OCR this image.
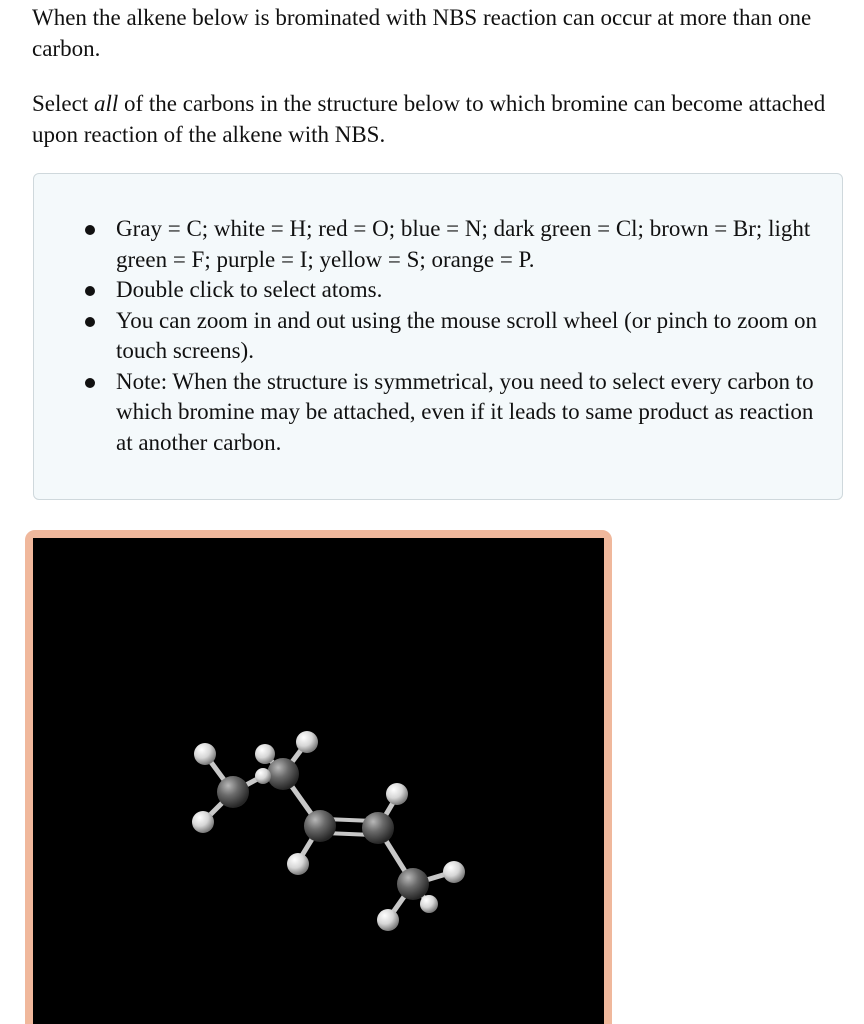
When the alkene below is brominated with NBS reaction can occur at more than one carbon.

Select all of the carbons in the structure below to which bromine can become attached upon reaction of the alkene with NBS.

Gray = C; white = H; red = O; blue = N; dark green = Cl; brown = Br; light green = F; purple = I; yellow = S; orange = P.
Double click to select atoms.
You can zoom in and out using the mouse scroll wheel (or pinch to zoom on touch screens).
Note: When the structure is symmetrical, you need to select every carbon to which bromine may be attached, even if it leads to same product as reaction at another carbon.
